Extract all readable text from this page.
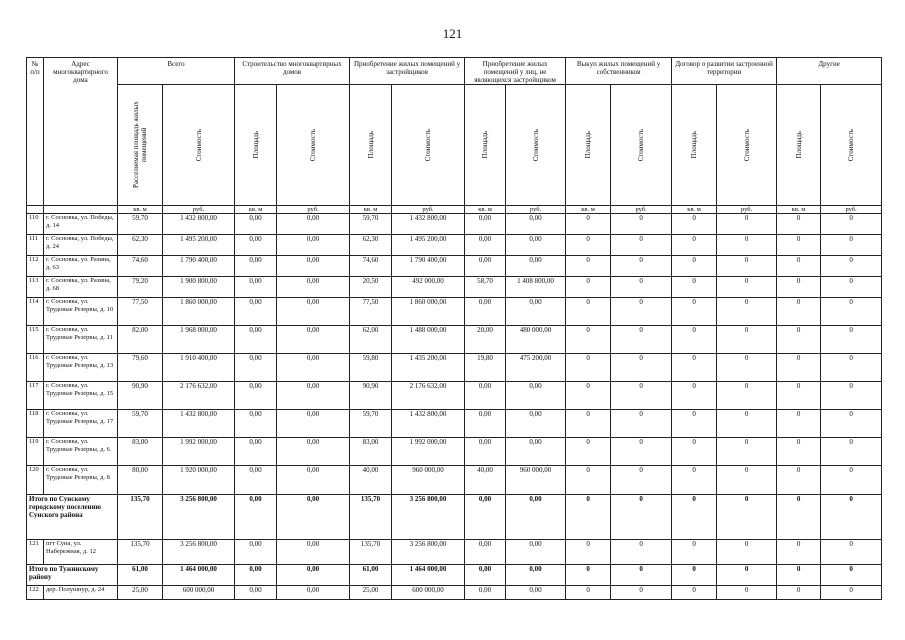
121
№ п/п	Адрес многоквартирного дома	Всего		Строительство многоквартирных домов		Приобретение жилых помещений у застройщиков		Приобретение жилых помещений у лиц, не являющихся застройщиком		Выкуп жилых помещений у собственников		Договор о развитии застроенной территории		Другие	

		Расселяемая площадь жилых помещений	Стоимость	Площадь	Стоимость	Площадь	Стоимость	Площадь	Стоимость	Площадь	Стоимость	Площадь	Стоимость	Площадь	Стоимость

		кв. м	руб.	кв. м	руб.	кв. м	руб.	кв. м	руб.	кв. м	руб.	кв. м	руб.	кв. м	руб.
110	г. Сосновка, ул. Победы, д. 14	59,70	1 432 800,00	0,00	0,00	59,70	1 432 800,00	0,00	0,00	0	0	0	0	0	0
111	г. Сосновка, ул. Победы, д. 24	62,30	1 495 200,00	0,00	0,00	62,30	1 495 200,00	0,00	0,00	0	0	0	0	0	0
112	г. Сосновка, ул. Разина, д. 63	74,60	1 790 400,00	0,00	0,00	74,60	1 790 400,00	0,00	0,00	0	0	0	0	0	0
113	г. Сосновка, ул. Разина, д. 68	79,20	1 900 800,00	0,00	0,00	20,50	492 000,00	58,70	1 408 800,00	0	0	0	0	0	0
114	г. Сосновка, ул. Трудовые Резервы, д. 10	77,50	1 860 000,00	0,00	0,00	77,50	1 860 000,00	0,00	0,00	0	0	0	0	0	0
115	г. Сосновка, ул. Трудовые Резервы, д. 11	82,00	1 968 000,00	0,00	0,00	62,00	1 488 000,00	20,00	480 000,00	0	0	0	0	0	0
116	г. Сосновка, ул. Трудовые Резервы, д. 13	79,60	1 910 400,00	0,00	0,00	59,80	1 435 200,00	19,80	475 200,00	0	0	0	0	0	0
117	г. Сосновка, ул. Трудовые Резервы, д. 15	90,90	2 176 632,00	0,00	0,00	90,90	2 176 632,00	0,00	0,00	0	0	0	0	0	0
118	г. Сосновка, ул. Трудовые Резервы, д. 17	59,70	1 432 800,00	0,00	0,00	59,70	1 432 800,00	0,00	0,00	0	0	0	0	0	0
119	г. Сосновка, ул. Трудовые Резервы, д. 6	83,00	1 992 000,00	0,00	0,00	83,00	1 992 000,00	0,00	0,00	0	0	0	0	0	0
120	г. Сосновка, ул. Трудовые Резервы, д. 8	80,00	1 920 000,00	0,00	0,00	40,00	960 000,00	40,00	960 000,00	0	0	0	0	0	0
Итого по Сунскому городскому поселению Сунского района		135,70	3 256 800,00	0,00	0,00	135,70	3 256 800,00	0,00	0,00	0	0	0	0	0	0
121	пгт Суна, ул. Набережная, д. 12	135,70	3 256 800,00	0,00	0,00	135,70	3 256 800,00	0,00	0,00	0	0	0	0	0	0
Итого по Тужинскому району		61,00	1 464 000,00	0,00	0,00	61,00	1 464 000,00	0,00	0,00	0	0	0	0	0	0
122	дер. Полушнур, д. 24	25,00	600 000,00	0,00	0,00	25,00	600 000,00	0,00	0,00	0	0	0	0	0	0
